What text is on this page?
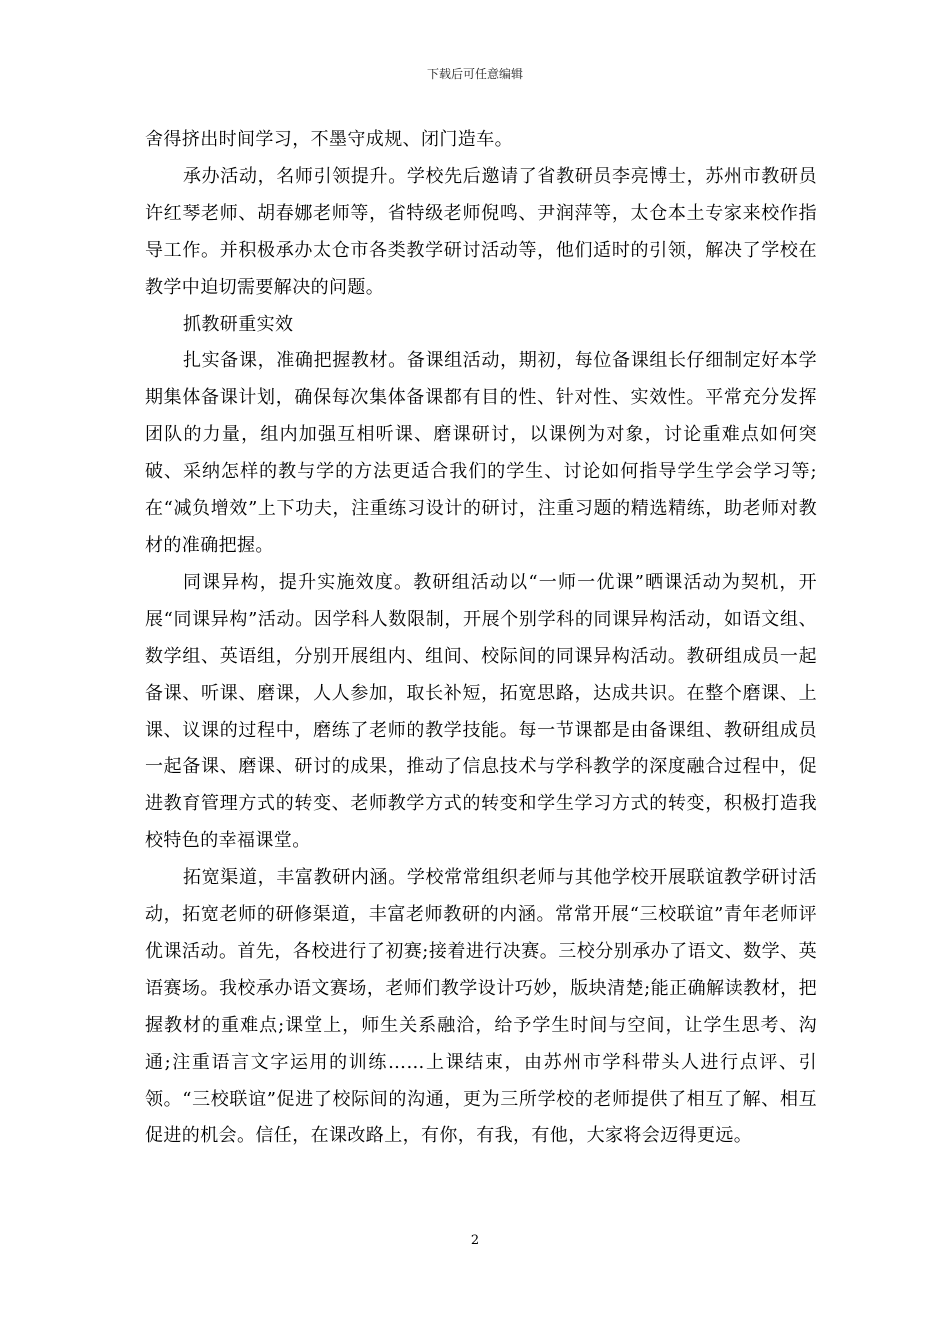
下载后可任意编辑

舍得挤出时间学习，不墨守成规、闭门造车。

承办活动，名师引领提升。学校先后邀请了省教研员李亮博士，苏州市教研员许红琴老师、胡春娜老师等，省特级老师倪鸣、尹润萍等，太仓本土专家来校作指导工作。并积极承办太仓市各类教学研讨活动等，他们适时的引领，解决了学校在教学中迫切需要解决的问题。

抓教研重实效

扎实备课，准确把握教材。备课组活动，期初，每位备课组长仔细制定好本学期集体备课计划，确保每次集体备课都有目的性、针对性、实效性。平常充分发挥团队的力量，组内加强互相听课、磨课研讨，以课例为对象，讨论重难点如何突破、采纳怎样的教与学的方法更适合我们的学生、讨论如何指导学生学会学习等;在“减负增效”上下功夫，注重练习设计的研讨，注重习题的精选精练，助老师对教材的准确把握。

同课异构，提升实施效度。教研组活动以“一师一优课”晒课活动为契机，开展“同课异构”活动。因学科人数限制，开展个别学科的同课异构活动，如语文组、数学组、英语组，分别开展组内、组间、校际间的同课异构活动。教研组成员一起备课、听课、磨课，人人参加，取长补短，拓宽思路，达成共识。在整个磨课、上课、议课的过程中，磨练了老师的教学技能。每一节课都是由备课组、教研组成员一起备课、磨课、研讨的成果，推动了信息技术与学科教学的深度融合过程中，促进教育管理方式的转变、老师教学方式的转变和学生学习方式的转变，积极打造我校特色的幸福课堂。

拓宽渠道，丰富教研内涵。学校常常组织老师与其他学校开展联谊教学研讨活动，拓宽老师的研修渠道，丰富老师教研的内涵。常常开展“三校联谊”青年老师评优课活动。首先，各校进行了初赛;接着进行决赛。三校分别承办了语文、数学、英语赛场。我校承办语文赛场，老师们教学设计巧妙，版块清楚;能正确解读教材，把握教材的重难点;课堂上，师生关系融洽，给予学生时间与空间，让学生思考、沟通;注重语言文字运用的训练……上课结束，由苏州市学科带头人进行点评、引领。“三校联谊”促进了校际间的沟通，更为三所学校的老师提供了相互了解、相互促进的机会。信任，在课改路上，有你，有我，有他，大家将会迈得更远。

2
